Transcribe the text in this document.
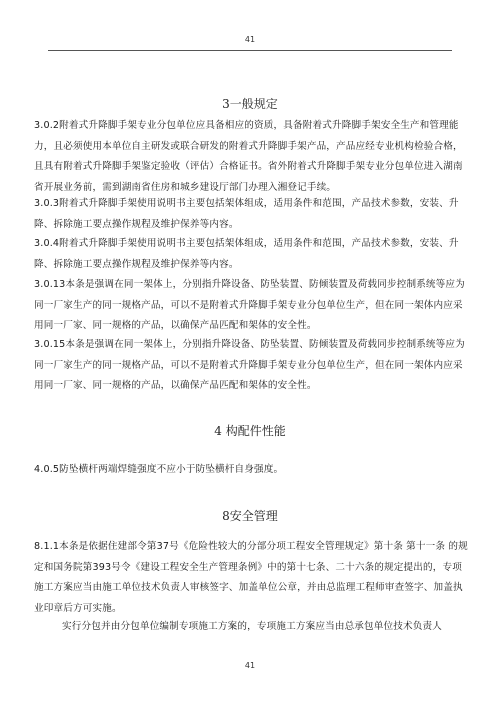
41
3一般规定
3.0.2附着式升降脚手架专业分包单位应具备相应的资质，具备附着式升降脚手架安全生产和管理能力，且必须使用本单位自主研发或联合研发的附着式升降脚手架产品，产品应经专业机构检验合格，且具有附着式升降脚手架鉴定验收（评估）合格证书。省外附着式升降脚手架专业分包单位进入湖南省开展业务前，需到湖南省住房和城乡建设厅部门办理入湘登记手续。
3.0.3附着式升降脚手架使用说明书主要包括架体组成，适用条件和范围，产品技术参数，安装、升降、拆除施工要点操作规程及维护保养等内容。
3.0.4附着式升降脚手架使用说明书主要包括架体组成，适用条件和范围，产品技术参数，安装、升降、拆除施工要点操作规程及维护保养等内容。
3.0.13本条是强调在同一架体上，分别指升降设备、防坠装置、防倾装置及荷载同步控制系统等应为同一厂家生产的同一规格产品，可以不是附着式升降脚手架专业分包单位生产，但在同一架体内应采用同一厂家、同一规格的产品，以确保产品匹配和架体的安全性。
3.0.15本条是强调在同一架体上，分别指升降设备、防坠装置、防倾装置及荷载同步控制系统等应为同一厂家生产的同一规格产品，可以不是附着式升降脚手架专业分包单位生产，但在同一架体内应采用同一厂家、同一规格的产品，以确保产品匹配和架体的安全性。
4 构配件性能
4.0.5防坠横杆两端焊缝强度不应小于防坠横杆自身强度。
8安全管理
8.1.1本条是依据住建部令第37号《危险性较大的分部分项工程安全管理规定》第十条 第十一条 的规定和国务院第393号令《建设工程安全生产管理条例》中的第十七条、二十六条的规定提出的，专项施工方案应当由施工单位技术负责人审核签字、加盖单位公章，并由总监理工程师审查签字、加盖执业印章后方可实施。
实行分包并由分包单位编制专项施工方案的，专项施工方案应当由总承包单位技术负责人
41
